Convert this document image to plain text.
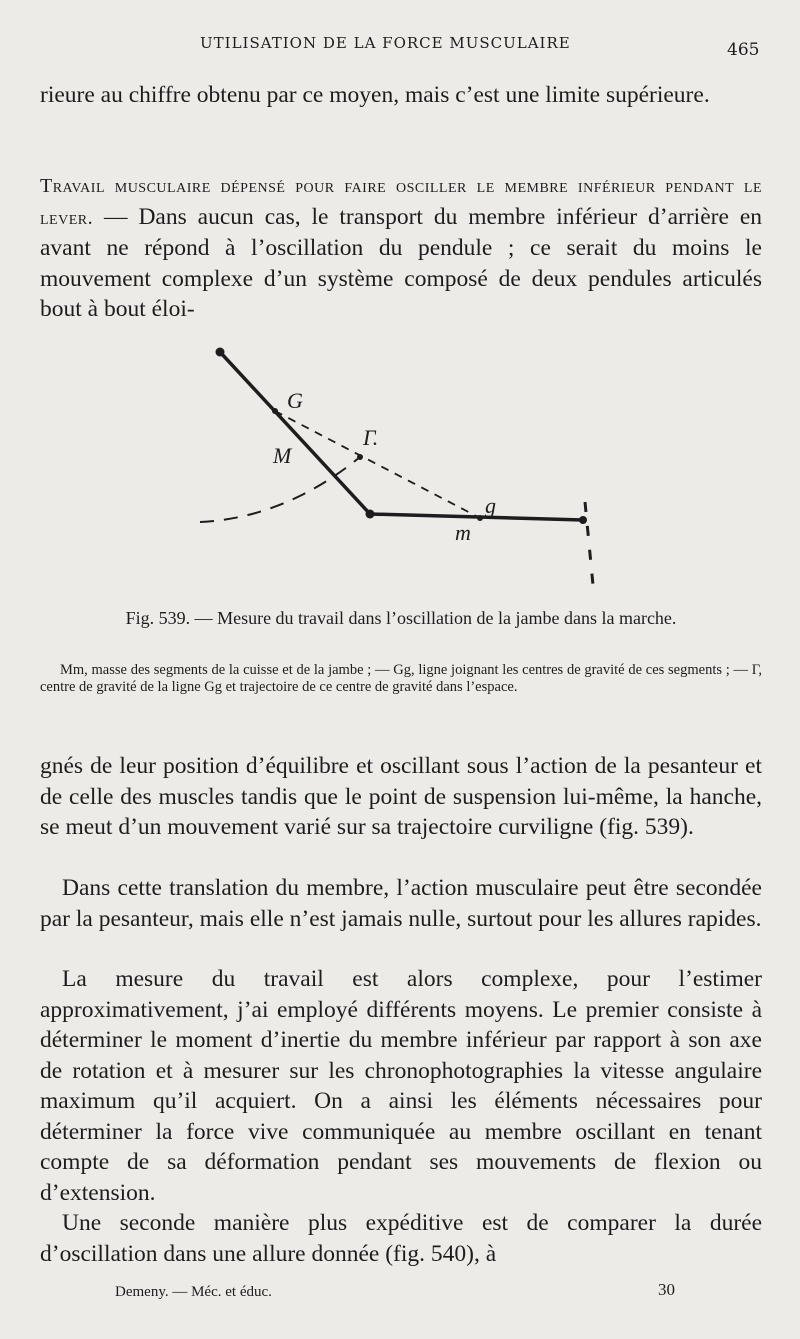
UTILISATION DE LA FORCE MUSCULAIRE	465

rieure au chiffre obtenu par ce moyen, mais c’est une limite supérieure.

Travail musculaire dépensé pour faire osciller le membre inférieur pendant le lever. — Dans aucun cas, le transport du membre inférieur d’arrière en avant ne répond à l’oscillation du pendule ; ce serait du moins le mouvement complexe d’un système composé de deux pendules articulés bout à bout éloi-

G
M
Γ.
g
m

Fig. 539. — Mesure du travail dans l’oscillation de la jambe dans la marche.

Mm, masse des segments de la cuisse et de la jambe ; — Gg, ligne joignant les centres de gravité de ces segments ; — Γ, centre de gravité de la ligne Gg et trajectoire de ce centre de gravité dans l’espace.

gnés de leur position d’équilibre et oscillant sous l’action de la pesanteur et de celle des muscles tandis que le point de suspension lui-même, la hanche, se meut d’un mouvement varié sur sa trajectoire curviligne (fig. 539).

Dans cette translation du membre, l’action musculaire peut être secondée par la pesanteur, mais elle n’est jamais nulle, surtout pour les allures rapides.

La mesure du travail est alors complexe, pour l’estimer approximativement, j’ai employé différents moyens. Le premier consiste à déterminer le moment d’inertie du membre inférieur par rapport à son axe de rotation et à mesurer sur les chronophotographies la vitesse angulaire maximum qu’il acquiert. On a ainsi les éléments nécessaires pour déterminer la force vive communiquée au membre oscillant en tenant compte de sa déformation pendant ses mouvements de flexion ou d’extension.

Une seconde manière plus expéditive est de comparer la durée d’oscillation dans une allure donnée (fig. 540), à

Demeny. — Méc. et éduc.	30
